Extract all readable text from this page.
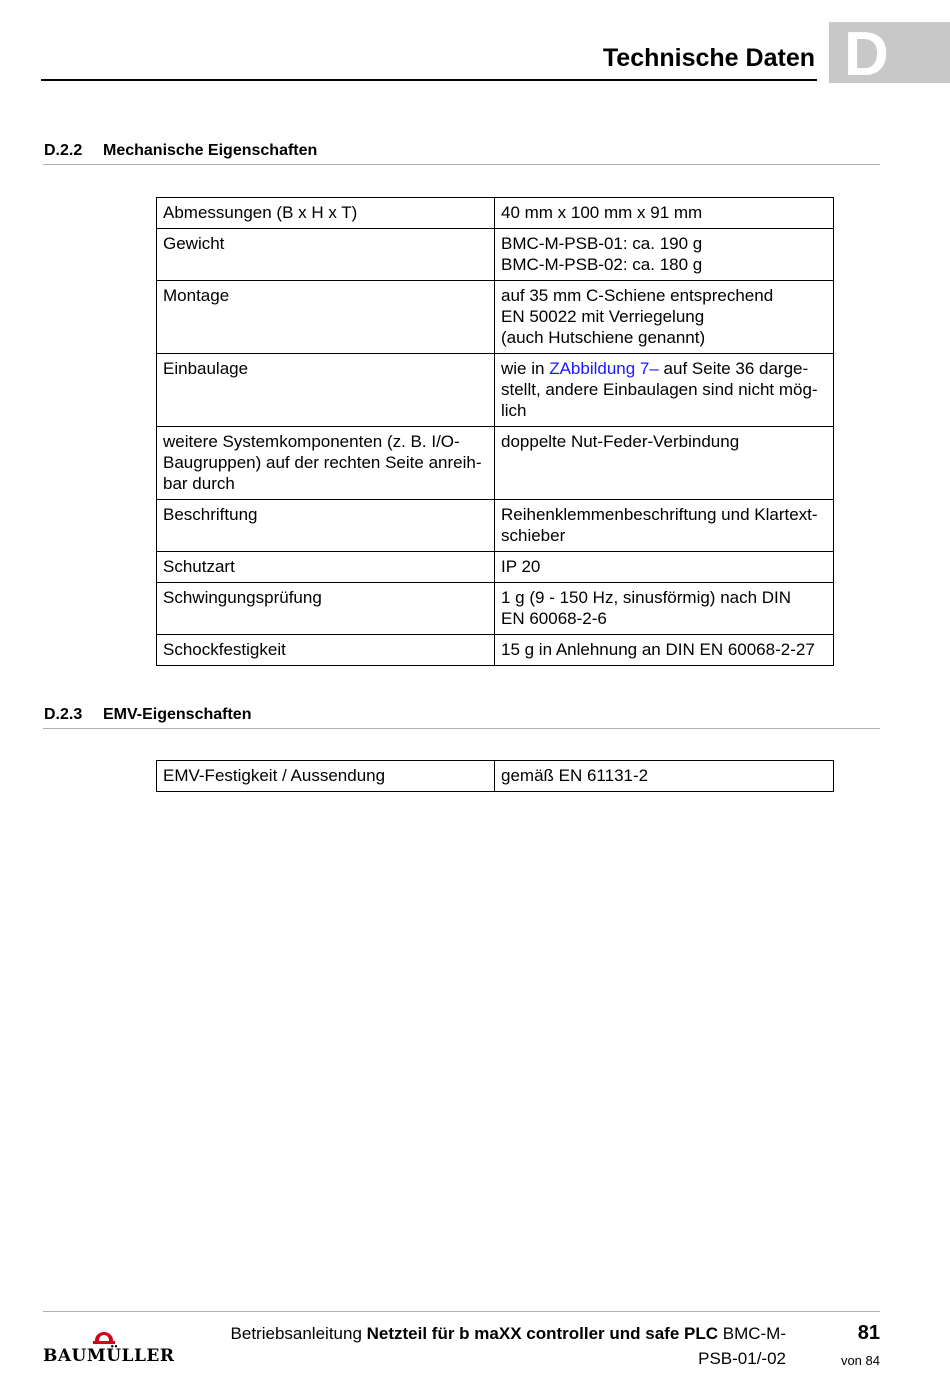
Technische Daten D
D.2.2 Mechanische Eigenschaften
Abmessungen (B x H x T)	40 mm x 100 mm x 91 mm

Gewicht	BMC-M-PSB-01: ca. 190 g
BMC-M-PSB-02: ca. 180 g

Montage	auf 35 mm C-Schiene entsprechend
EN 50022 mit Verriegelung
(auch Hutschiene genannt)

Einbaulage	wie in ZAbbildung 7– auf Seite 36 darge-
stellt, andere Einbaulagen sind nicht mög-
lich

weitere Systemkomponenten (z. B. I/O-
Baugruppen) auf der rechten Seite anreih-
bar durch	doppelte Nut-Feder-Verbindung

Beschriftung	Reihenklemmenbeschriftung und Klartext-
schieber

Schutzart	IP 20

Schwingungsprüfung	1 g (9 - 150 Hz, sinusförmig) nach DIN
EN 60068-2-6

Schockfestigkeit	15 g in Anlehnung an DIN EN 60068-2-27
D.2.3 EMV-Eigenschaften
EMV-Festigkeit / Aussendung	gemäß EN 61131-2
BAUMÜLLER
Betriebsanleitung Netzteil für b maXX controller und safe PLC BMC-M-
PSB-01/-02
81
von 84
